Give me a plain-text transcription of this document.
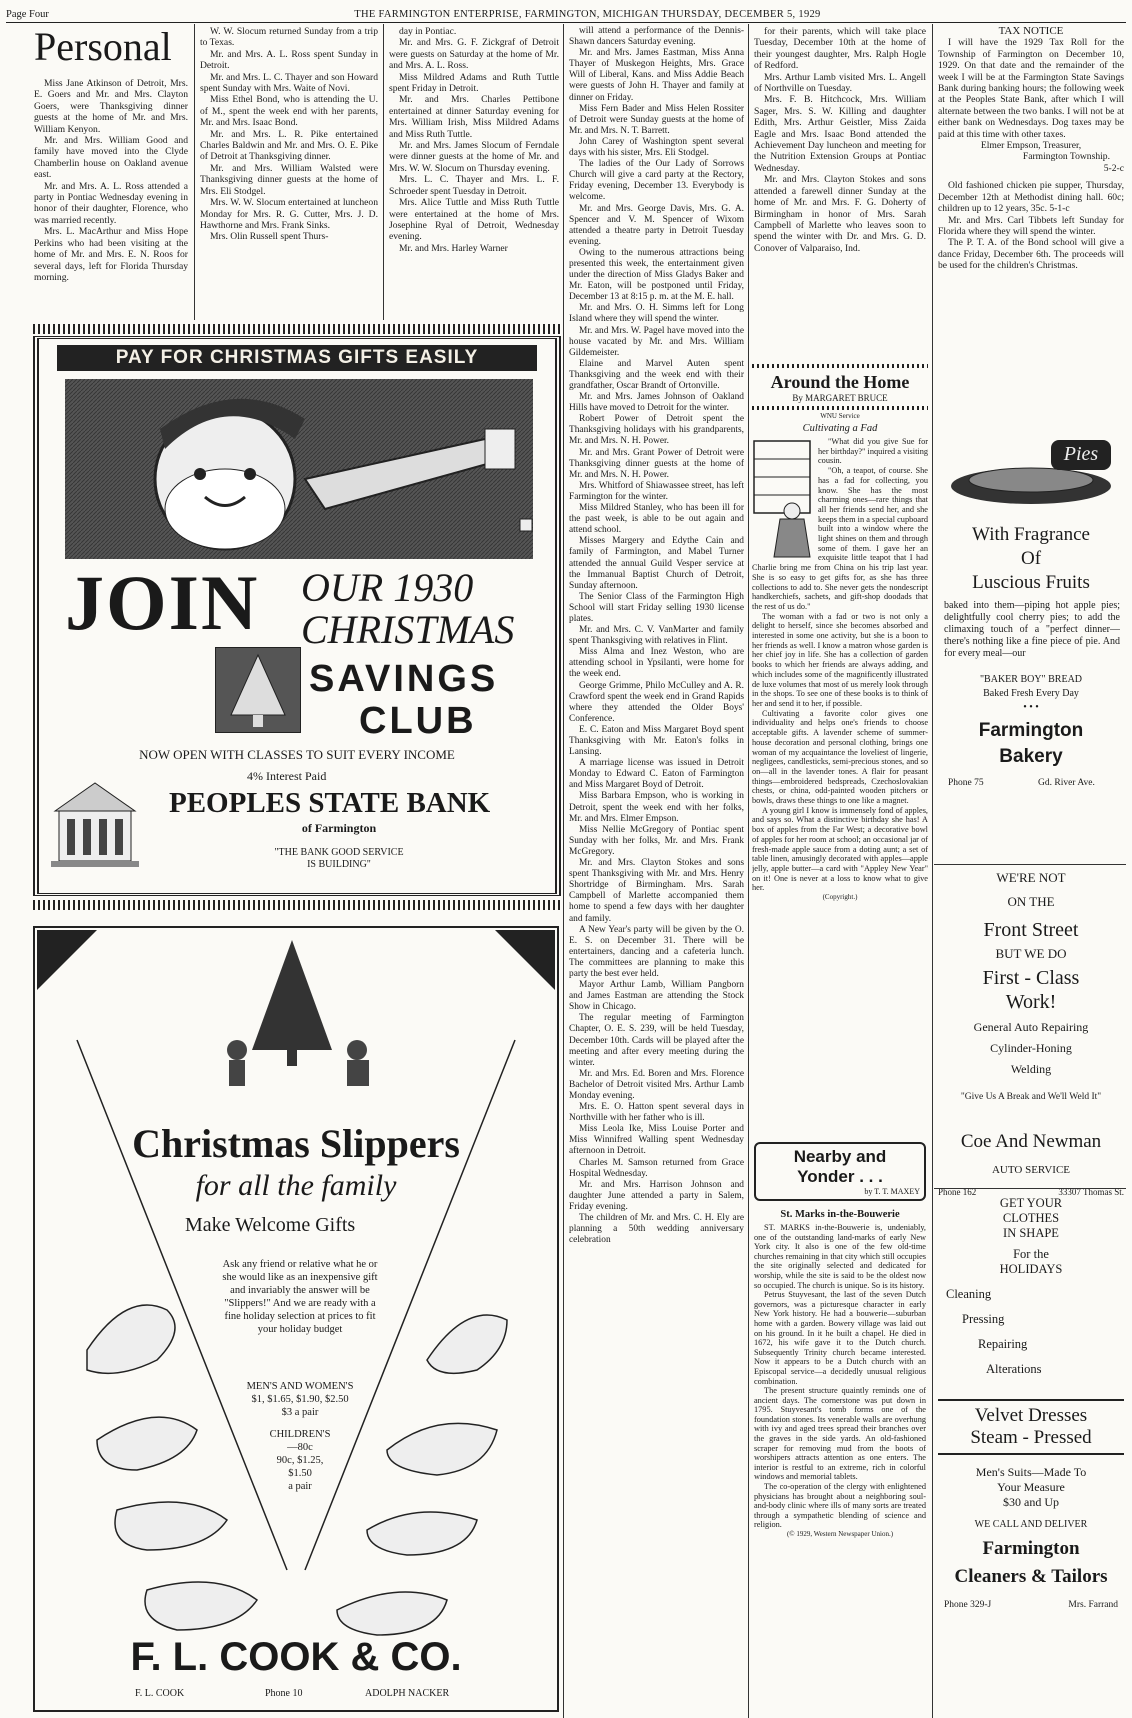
Page Four	THE FARMINGTON ENTERPRISE, FARMINGTON, MICHIGAN THURSDAY, DECEMBER 5, 1929
Personal

Miss Jane Atkinson of Detroit, Mrs. E. Goers and Mr. and Mrs. Clayton Goers, were Thanksgiving dinner guests at the home of Mr. and Mrs. William Kenyon.

Mr. and Mrs. William Good and family have moved into the Clyde Chamberlin house on Oakland avenue east.

Mr. and Mrs. A. L. Ross attended a party in Pontiac Wednesday evening in honor of their daughter, Florence, who was married recently.

Mrs. L. MacArthur and Miss Hope Perkins who had been visiting at the home of Mr. and Mrs. E. N. Roos for several days, left for Florida Thursday morning.

W. W. Slocum returned Sunday from a trip to Texas.

Mr. and Mrs. A. L. Ross spent Sunday in Detroit.

Mr. and Mrs. L. C. Thayer and son Howard spent Sunday with Mrs. Waite of Novi.

Miss Ethel Bond, who is attending the U. of M., spent the week end with her parents, Mr. and Mrs. Isaac Bond.

Mr. and Mrs. L. R. Pike entertained Charles Baldwin and Mr. and Mrs. O. E. Pike of Detroit at Thanksgiving dinner.

Mr. and Mrs. William Walsted were Thanksgiving dinner guests at the home of Mrs. Eli Stodgel.

Mrs. W. W. Slocum entertained at luncheon Monday for Mrs. R. G. Cutter, Mrs. J. D. Hawthorne and Mrs. Frank Sinks.

Mrs. Olin Russell spent Thurs-

day in Pontiac.

Mr. and Mrs. G. F. Zickgraf of Detroit were guests on Saturday at the home of Mr. and Mrs. A. L. Ross.

Miss Mildred Adams and Ruth Tuttle spent Friday in Detroit.

Mr. and Mrs. Charles Pettibone entertained at dinner Saturday evening for Mrs. William Irish, Miss Mildred Adams and Miss Ruth Tuttle.

Mr. and Mrs. James Slocum of Ferndale were dinner guests at the home of Mr. and Mrs. W. W. Slocum on Thursday evening.

Mrs. L. C. Thayer and Mrs. L. F. Schroeder spent Tuesday in Detroit.

Mrs. Alice Tuttle and Miss Ruth Tuttle were entertained at the home of Mrs. Josephine Ryal of Detroit, Wednesday evening.

Mr. and Mrs. Harley Warner

PAY FOR CHRISTMAS GIFTS EASILY
JOIN OUR 1930
CHRISTMAS
SAVINGS
CLUB
NOW OPEN WITH CLASSES TO SUIT EVERY INCOME
4% Interest Paid
PEOPLES STATE BANK
of Farmington
"THE BANK GOOD SERVICE
IS BUILDING"
Christmas Slippers
for all the family
Make Welcome Gifts
Ask any friend or relative what he or she would like as an inexpensive gift and invariably the answer will be "Slippers!" And we are ready with a fine holiday selection at prices to fit your holiday budget
MEN'S AND WOMEN'S
$1, $1.65, $1.90, $2.50
$3 a pair
CHILDREN'S
—80c
90c, $1.25,
$1.50
a pair
F. L. COOK & CO.
F. L. COOK	Phone 10	ADOLPH NACKER

will attend a performance of the Dennis-Shawn dancers Saturday evening.

Mr. and Mrs. James Eastman, Miss Anna Thayer of Muskegon Heights, Mrs. Grace Will of Liberal, Kans. and Miss Addie Beach were guests of John H. Thayer and family at dinner on Friday.

Miss Fern Bader and Miss Helen Rossiter of Detroit were Sunday guests at the home of Mr. and Mrs. N. T. Barrett.

John Carey of Washington spent several days with his sister, Mrs. Eli Stodgel.

The ladies of the Our Lady of Sorrows Church will give a card party at the Rectory, Friday evening, December 13. Everybody is welcome.

Mr. and Mrs. George Davis, Mrs. G. A. Spencer and V. M. Spencer of Wixom attended a theatre party in Detroit Tuesday evening.

Owing to the numerous attractions being presented this week, the entertainment given under the direction of Miss Gladys Baker and Mr. Eaton, will be postponed until Friday, December 13 at 8:15 p. m. at the M. E. hall.

Mr. and Mrs. O. H. Simms left for Long Island where they will spend the winter.

Mr. and Mrs. W. Pagel have moved into the house vacated by Mr. and Mrs. William Gildemeister.

Elaine and Marvel Auten spent Thanksgiving and the week end with their grandfather, Oscar Brandt of Ortonville.

Mr. and Mrs. James Johnson of Oakland Hills have moved to Detroit for the winter.

Robert Power of Detroit spent the Thanksgiving holidays with his grandparents, Mr. and Mrs. N. H. Power.

Mr. and Mrs. Grant Power of Detroit were Thanksgiving dinner guests at the home of Mr. and Mrs. N. H. Power.

Mrs. Whitford of Shiawassee street, has left Farmington for the winter.

Miss Mildred Stanley, who has been ill for the past week, is able to be out again and attend school.

Misses Margery and Edythe Cain and family of Farmington, and Mabel Turner attended the annual Guild Vesper service at the Immanual Baptist Church of Detroit, Sunday afternoon.

The Senior Class of the Farmington High School will start Friday selling 1930 license plates.

Mr. and Mrs. C. V. VanMarter and family spent Thanksgiving with relatives in Flint.

Miss Alma and Inez Weston, who are attending school in Ypsilanti, were home for the week end.

George Grimme, Philo McCulley and A. R. Crawford spent the week end in Grand Rapids where they attended the Older Boys' Conference.

E. C. Eaton and Miss Margaret Boyd spent Thanksgiving with Mr. Eaton's folks in Lansing.

A marriage license was issued in Detroit Monday to Edward C. Eaton of Farmington and Miss Margaret Boyd of Detroit.

Miss Barbara Empson, who is working in Detroit, spent the week end with her folks, Mr. and Mrs. Elmer Empson.

Miss Nellie McGregory of Pontiac spent Sunday with her folks, Mr. and Mrs. Frank McGregory.

Mr. and Mrs. Clayton Stokes and sons spent Thanksgiving with Mr. and Mrs. Henry Shortridge of Birmingham. Mrs. Sarah Campbell of Marlette accompanied them home to spend a few days with her daughter and family.

A New Year's party will be given by the O. E. S. on December 31. There will be entertainers, dancing and a cafeteria lunch. The committees are planning to make this party the best ever held.

Mayor Arthur Lamb, William Pangborn and James Eastman are attending the Stock Show in Chicago.

The regular meeting of Farmington Chapter, O. E. S. 239, will be held Tuesday, December 10th. Cards will be played after the meeting and after every meeting during the winter.

Mr. and Mrs. Ed. Boren and Mrs. Florence Bachelor of Detroit visited Mrs. Arthur Lamb Monday evening.

Mrs. E. O. Hatton spent several days in Northville with her father who is ill.

Miss Leola Ike, Miss Louise Porter and Miss Winnifred Walling spent Wednesday afternoon in Detroit.

Charles M. Samson returned from Grace Hospital Wednesday.

Mr. and Mrs. Harrison Johnson and daughter June attended a party in Salem, Friday evening.

The children of Mr. and Mrs. C. H. Ely are planning a 50th wedding anniversary celebration

for their parents, which will take place Tuesday, December 10th at the home of their youngest daughter, Mrs. Ralph Hogle of Redford.

Mrs. Arthur Lamb visited Mrs. L. Angell of Northville on Tuesday.

Mrs. F. B. Hitchcock, Mrs. William Sager, Mrs. S. W. Killing and daughter Edith, Mrs. Arthur Geistler, Miss Zaida Eagle and Mrs. Isaac Bond attended the Achievement Day luncheon and meeting for the Nutrition Extension Groups at Pontiac Wednesday.

Mr. and Mrs. Clayton Stokes and sons attended a farewell dinner Sunday at the home of Mr. and Mrs. F. G. Doherty of Birmingham in honor of Mrs. Sarah Campbell of Marlette who leaves soon to spend the winter with Dr. and Mrs. G. D. Conover of Valparaiso, Ind.

Around the Home
By MARGARET BRUCE
WNU Service
Cultivating a Fad

"What did you give Sue for her birthday?" inquired a visiting cousin.

"Oh, a teapot, of course. She has a fad for collecting, you know. She has the most charming ones—rare things that all her friends send her, and she keeps them in a special cupboard built into a window where the light shines on them and through some of them. I gave her an exquisite little teapot that I had Charlie bring me from China on his trip last year. She is so easy to get gifts for, as she has three collections to add to. She never gets the nondescript handkerchiefs, sachets, and gift-shop doodads that the rest of us do."

The woman with a fad or two is not only a delight to herself, since she becomes absorbed and interested in some one activity, but she is a boon to her friends as well. I know a matron whose garden is her chief joy in life. She has a collection of garden books to which her friends are always adding, and which includes some of the magnificently illustrated de luxe volumes that most of us merely look through in the shops. To see one of these books is to think of her and send it to her, if possible.

Cultivating a favorite color gives one individuality and helps one's friends to choose acceptable gifts. A lavender scheme of summer-house decoration and personal clothing, brings one woman of my acquaintance the loveliest of lingerie, negligees, candlesticks, semi-precious stones, and so on—all in the lavender tones. A flair for peasant things—embroidered bedspreads, Czechoslovakian chests, or china, odd-painted wooden pitchers or bowls, draws these things to one like a magnet.

A young girl I know is immensely fond of apples, and says so. What a distinctive birthday she has! A box of apples from the Far West; a decorative bowl of apples for her room at school; an occasional jar of fresh-made apple sauce from a doting aunt; a set of table linen, amusingly decorated with apples—apple jelly, apple butter—a card with "Appley New Year" on it! One is never at a loss to know what to give her.

(Copyright.)

Nearby and
Yonder . . .
by T. T. MAXEY
St. Marks in-the-Bouwerie

ST. MARKS in-the-Bouwerie is, undeniably, one of the outstanding land-marks of early New York city. It also is one of the few old-time churches remaining in that city which still occupies the site originally selected and dedicated for worship, while the site is said to be the oldest now so occupied. The church is unique. So is its history.

Petrus Stuyvesant, the last of the seven Dutch governors, was a picturesque character in early New York history. He had a bouwerie—suburban home with a garden. Bowery village was laid out on his ground. In it he built a chapel. He died in 1672, his wife gave it to the Dutch church. Subsequently Trinity church became interested. Now it appears to be a Dutch church with an Episcopal service—a decidedly unusual religious combination.

The present structure quaintly reminds one of ancient days. The cornerstone was put down in 1795. Stuyvesant's tomb forms one of the foundation stones. Its venerable walls are overhung with ivy and aged trees spread their branches over the graves in the side yards. An old-fashioned scraper for removing mud from the boots of worshipers attracts attention as one enters. The interior is restful to an extreme, rich in colorful windows and memorial tablets.

The co-operation of the clergy with enlightened physicians has brought about a neighboring soul-and-body clinic where ills of many sorts are treated through a sympathetic blending of science and religion.

(© 1929, Western Newspaper Union.)

TAX NOTICE

I will have the 1929 Tax Roll for the Township of Farmington on December 10, 1929. On that date and the remainder of the week I will be at the Farmington State Savings Bank during banking hours; the following week at the Peoples State Bank, after which I will alternate between the two banks. I will not be at either bank on Wednesdays. Dog taxes may be paid at this time with other taxes.

Elmer Empson, Treasurer,
Farmington Township.
5-2-c

Old fashioned chicken pie supper, Thursday, December 12th at Methodist dining hall. 60c; children up to 12 years, 35c. 5-1-c

Mr. and Mrs. Carl Tibbets left Sunday for Florida where they will spend the winter.

The P. T. A. of the Bond school will give a dance Friday, December 6th. The proceeds will be used for the children's Christmas.

Pies
With Fragrance
Of
Luscious Fruits
baked into them—piping hot apple pies; delightfully cool cherry pies; to add the climaxing touch of a "perfect dinner—there's nothing like a fine piece of pie. And for every meal—our
"BAKER BOY" BREAD
Baked Fresh Every Day
• • •
Farmington
Bakery
Phone 75	Gd. River Ave.
WE'RE NOT
ON THE
Front Street
BUT WE DO
First - Class
Work!
General Auto Repairing
Cylinder-Honing
Welding
"Give Us A Break and We'll Weld It"
Coe And Newman
AUTO SERVICE
Phone 162	33307 Thomas St.
GET YOUR
CLOTHES
IN SHAPE
For the
HOLIDAYS
Cleaning
Pressing
Repairing
Alterations
Velvet Dresses
Steam - Pressed
Men's Suits—Made To
Your Measure
$30 and Up
WE CALL AND DELIVER
Farmington
Cleaners & Tailors
Phone 329-J	Mrs. Farrand
